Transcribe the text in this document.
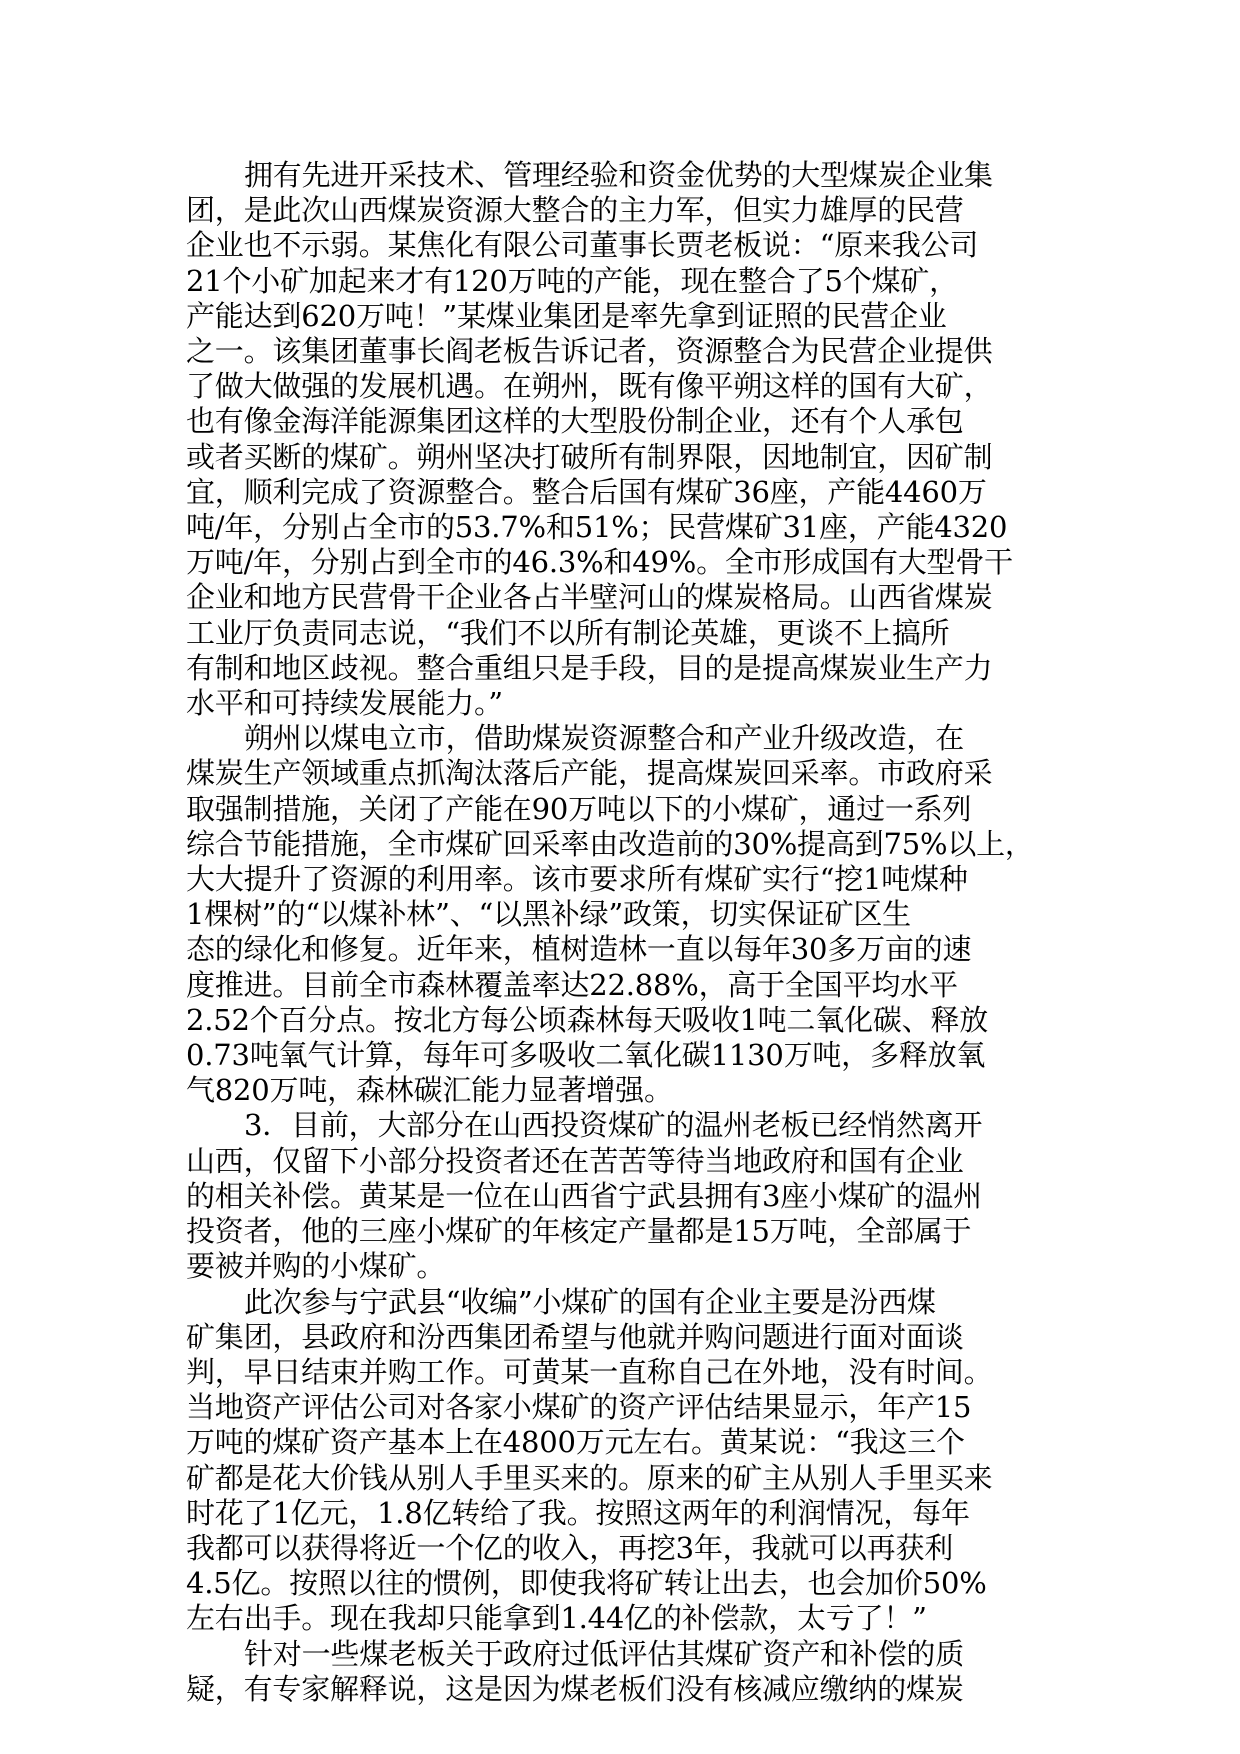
拥有先进开采技术、管理经验和资金优势的大型煤炭企业集
团，是此次山西煤炭资源大整合的主力军，但实力雄厚的民营
企业也不示弱。某焦化有限公司董事长贾老板说：“原来我公司
21个小矿加起来才有120万吨的产能，现在整合了5个煤矿，
产能达到620万吨！”某煤业集团是率先拿到证照的民营企业
之一。该集团董事长阎老板告诉记者，资源整合为民营企业提供
了做大做强的发展机遇。在朔州，既有像平朔这样的国有大矿，
也有像金海洋能源集团这样的大型股份制企业，还有个人承包
或者买断的煤矿。朔州坚决打破所有制界限，因地制宜，因矿制
宜，顺利完成了资源整合。整合后国有煤矿36座，产能4460万
吨/年，分别占全市的53.7%和51%；民营煤矿31座，产能4320
万吨/年，分别占到全市的46.3%和49%。全市形成国有大型骨干
企业和地方民营骨干企业各占半壁河山的煤炭格局。山西省煤炭
工业厅负责同志说，“我们不以所有制论英雄，更谈不上搞所
有制和地区歧视。整合重组只是手段，目的是提高煤炭业生产力
水平和可持续发展能力。”

朔州以煤电立市，借助煤炭资源整合和产业升级改造，在
煤炭生产领域重点抓淘汰落后产能，提高煤炭回采率。市政府采
取强制措施，关闭了产能在90万吨以下的小煤矿，通过一系列
综合节能措施，全市煤矿回采率由改造前的30%提高到75%以上，
大大提升了资源的利用率。该市要求所有煤矿实行“挖1吨煤种
1棵树”的“以煤补林”、“以黑补绿”政策，切实保证矿区生
态的绿化和修复。近年来，植树造林一直以每年30多万亩的速
度推进。目前全市森林覆盖率达22.88%，高于全国平均水平
2.52个百分点。按北方每公顷森林每天吸收1吨二氧化碳、释放
0.73吨氧气计算，每年可多吸收二氧化碳1130万吨，多释放氧
气820万吨，森林碳汇能力显著增强。

3．目前，大部分在山西投资煤矿的温州老板已经悄然离开
山西，仅留下小部分投资者还在苦苦等待当地政府和国有企业
的相关补偿。黄某是一位在山西省宁武县拥有3座小煤矿的温州
投资者，他的三座小煤矿的年核定产量都是15万吨，全部属于
要被并购的小煤矿。

此次参与宁武县“收编”小煤矿的国有企业主要是汾西煤
矿集团，县政府和汾西集团希望与他就并购问题进行面对面谈
判，早日结束并购工作。可黄某一直称自己在外地，没有时间。
当地资产评估公司对各家小煤矿的资产评估结果显示，年产15
万吨的煤矿资产基本上在4800万元左右。黄某说：“我这三个
矿都是花大价钱从别人手里买来的。原来的矿主从别人手里买来
时花了1亿元，1.8亿转给了我。按照这两年的利润情况，每年
我都可以获得将近一个亿的收入，再挖3年，我就可以再获利
4.5亿。按照以往的惯例，即使我将矿转让出去，也会加价50%
左右出手。现在我却只能拿到1.44亿的补偿款，太亏了！”

针对一些煤老板关于政府过低评估其煤矿资产和补偿的质
疑，有专家解释说，这是因为煤老板们没有核减应缴纳的煤炭
